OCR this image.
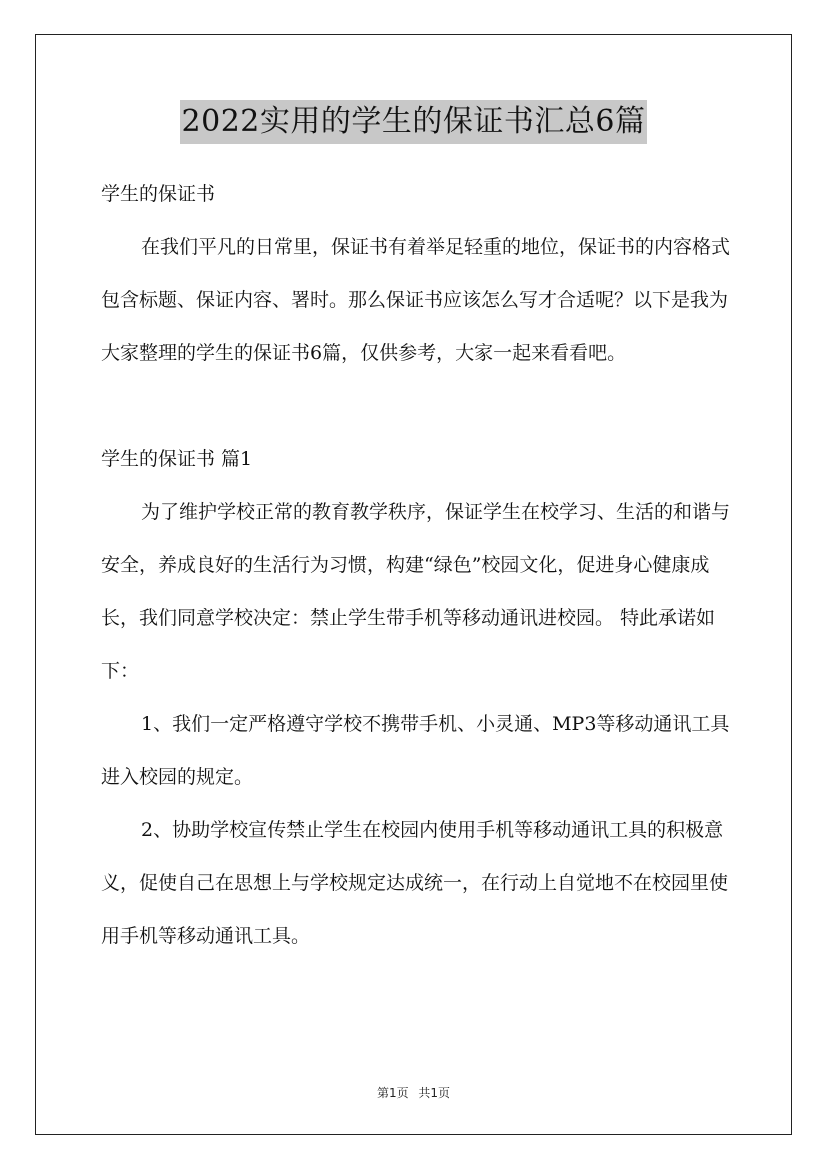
2022实用的学生的保证书汇总6篇

学生的保证书

在我们平凡的日常里，保证书有着举足轻重的地位，保证书的内容格式包含标题、保证内容、署时。那么保证书应该怎么写才合适呢？以下是我为大家整理的学生的保证书6篇，仅供参考，大家一起来看看吧。

学生的保证书 篇1

为了维护学校正常的教育教学秩序，保证学生在校学习、生活的和谐与安全，养成良好的生活行为习惯，构建“绿色”校园文化，促进身心健康成长，我们同意学校决定：禁止学生带手机等移动通讯进校园。 特此承诺如下：

1、我们一定严格遵守学校不携带手机、小灵通、MP3等移动通讯工具进入校园的规定。

2、协助学校宣传禁止学生在校园内使用手机等移动通讯工具的积极意义，促使自己在思想上与学校规定达成统一，在行动上自觉地不在校园里使用手机等移动通讯工具。

第1页 共1页
